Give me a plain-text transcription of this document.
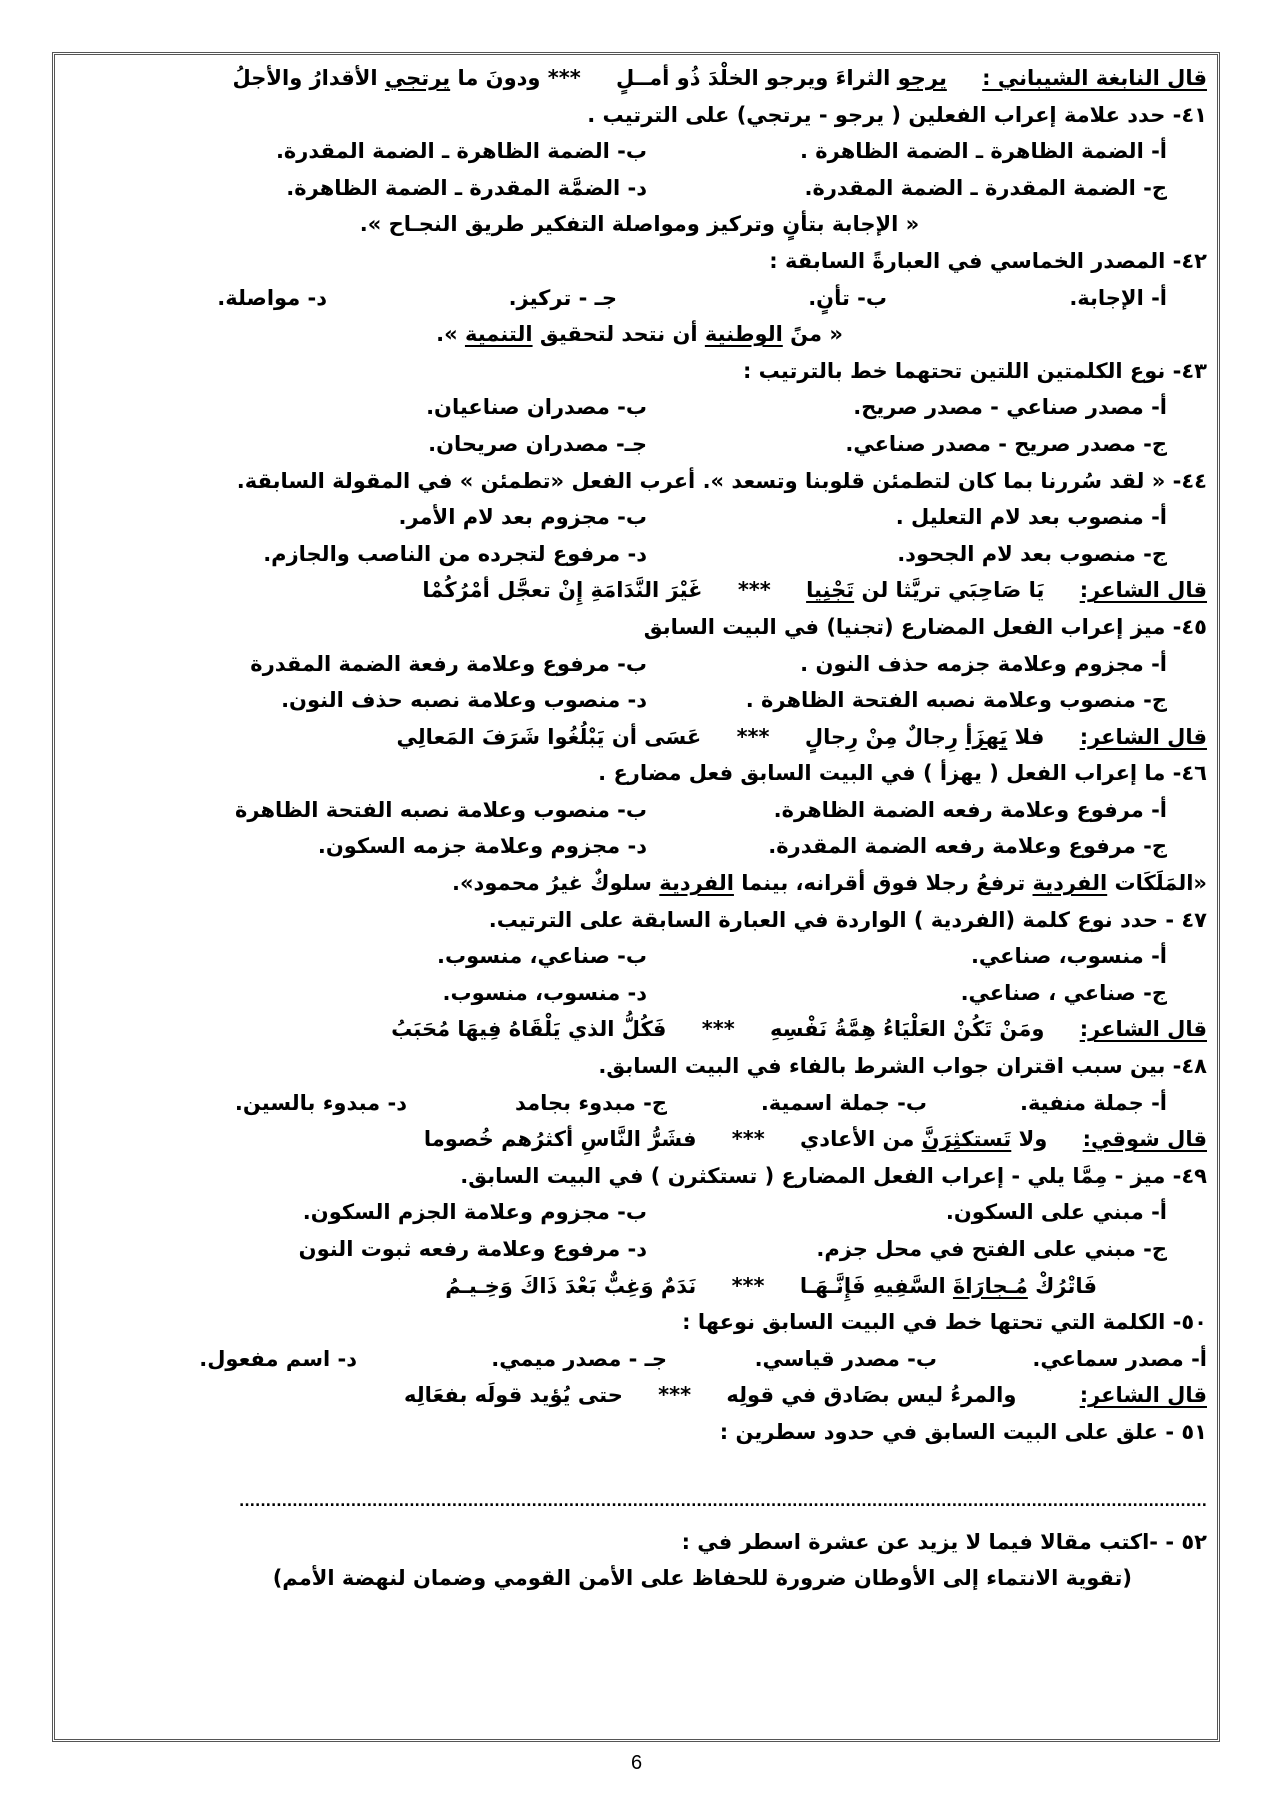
قال النابغة الشيباني : يرجو الثراءَ ويرجو الخلْدَ ذُو أمــلٍ *** ودونَ ما يرتجي الأقدارُ والأجلُ
٤١- حدد علامة إعراب الفعلين ( يرجو - يرتجي) على الترتيب .
أ- الضمة الظاهرة ـ الضمة الظاهرة .
ب- الضمة الظاهرة ـ الضمة المقدرة.
ج- الضمة المقدرة ـ الضمة المقدرة.
د- الضمَّة المقدرة ـ الضمة الظاهرة.
« الإجابة بتأنٍ وتركيز ومواصلة التفكير طريق النجـاح ».
٤٢- المصدر الخماسي في العبارةً السابقة :
أ- الإجابة.
ب- تأنٍ.
جـ - تركيز.
د- مواصلة.
« منً الوطنية أن نتحد لتحقيق التنمية ».
٤٣- نوع الكلمتين اللتين تحتهما خط بالترتيب :
أ- مصدر صناعي - مصدر صريح.
ب- مصدران صناعيان.
ج- مصدر صريح - مصدر صناعي.
جـ- مصدران صريحان.
٤٤- « لقد سُررنا بما كان لتطمئن قلوبنا وتسعد ». أعرب الفعل «تطمئن » في المقولة السابقة.
أ- منصوب بعد لام التعليل .
ب- مجزوم بعد لام الأمر.
ج- منصوب بعد لام الجحود.
د- مرفوع لتجرده من الناصب والجازم.
قال الشاعر: يَا صَاحِبَي تريَّثا لن تَجْنِيا *** غَيْرَ النَّدَامَةِ إِنْ تعجَّل أمْرُكُمْا
٤٥- ميز إعراب الفعل المضارع (تجنيا) في البيت السابق
أ- مجزوم وعلامة جزمه حذف النون .
ب- مرفوع وعلامة رفعة الضمة المقدرة
ج- منصوب وعلامة نصبه الفتحة الظاهرة .
د- منصوب وعلامة نصبه حذف النون.
قال الشاعر: فلا يَهزَأ رِجالٌ مِنْ رِجالٍ *** عَسَى أن يَبْلُغُوا شَرَفَ المَعالِي
٤٦- ما إعراب الفعل ( يهزأ ) في البيت السابق فعل مضارع .
أ- مرفوع وعلامة رفعه الضمة الظاهرة.
ب- منصوب وعلامة نصبه الفتحة الظاهرة
ج- مرفوع وعلامة رفعه الضمة المقدرة.
د- مجزوم وعلامة جزمه السكون.
«المَلَكَات الفردية ترفعُ رجلا فوق أقرانه، بينما الفردية سلوكٌ غيرُ محمود».
٤٧ - حدد نوع كلمة (الفردية ) الواردة في العبارة السابقة على الترتيب.
أ- منسوب، صناعي.
ب- صناعي، منسوب.
ج- صناعي ، صناعي.
د- منسوب، منسوب.
قال الشاعر: ومَنْ تَكُنْ العَلْيَاءُ هِمَّةُ نَفْسِهِ *** فَكُلُّ الذي يَلْقَاهُ فِيهَا مُحَبَبُ
٤٨- بين سبب اقتران جواب الشرط بالفاء في البيت السابق.
أ- جملة منفية.
ب- جملة اسمية.
ج- مبدوء بجامد
د- مبدوء بالسين.
قال شوقي: ولا تَستكثِرَنَّ من الأعادي *** فشَرُّ النَّاسِ أكثرُهم خُصوما
٤٩- ميز - مِمَّا يلي - إعراب الفعل المضارع ( تستكثرن ) في البيت السابق.
أ- مبني على السكون.
ب- مجزوم وعلامة الجزم السكون.
ج- مبني على الفتح في محل جزم.
د- مرفوع وعلامة رفعه ثبوت النون
فَاتْرُكْ مُـجارَاةَ السَّفِيهِ فَإِنَّـهَـا *** نَدَمٌ وَغِبٌّ بَعْدَ ذَاكَ وَخِـيـمُ
٥٠- الكلمة التي تحتها خط في البيت السابق نوعها :
أ- مصدر سماعي.
ب- مصدر قياسي.
جـ - مصدر ميمي.
د- اسم مفعول.
قال الشاعر: والمرءُ ليس بصَادق في قولِه *** حتى يُؤيد قولَه بفعَالِه
٥١ - علق على البيت السابق في حدود سطرين :
......................................................................................................................................................................................
٥٢ - -اكتب مقالا فيما لا يزيد عن عشرة اسطر في :
(تقوية الانتماء إلى الأوطان ضرورة للحفاظ على الأمن القومي وضمان لنهضة الأمم)
6
